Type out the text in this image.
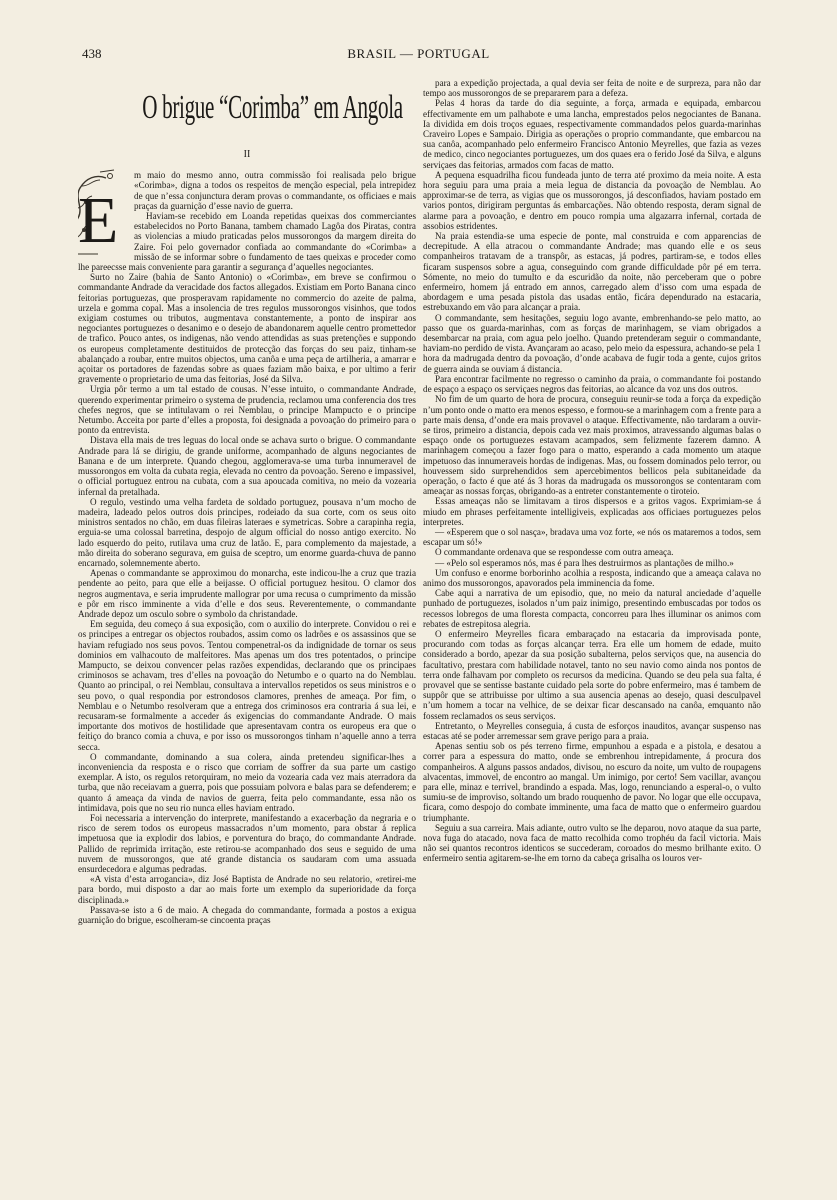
438	BRASIL — PORTUGAL
O brigue “Corimba” em Angola
II
E

m maio do mesmo anno, outra commissão foi realisada pelo brigue «Corimba», digna a todos os respeitos de menção especial, pela intrepidez de que n’essa conjunctura deram provas o commandante, os officiaes e mais praças da guarnição d’esse navio de guerra.

Haviam-se recebido em Loanda repetidas queixas dos commerciantes estabelecidos no Porto Banana, tambem chamado Lagôa dos Piratas, contra as violencias a miudo praticadas pelos mussorongos da margem direita do Zaire. Foi pelo governador confiada ao commandante do «Corimba» a missão de se informar sobre o fundamento de taes queixas e proceder como lhe pareecsse mais conveniente para garantir a segurança d’aquelles negociantes.

Surto no Zaire (bahia de Santo Antonio) o «Corimba», em breve se confirmou o commandante Andrade da veracidade dos factos allegados. Existiam em Porto Banana cinco feitorias portuguezas, que prosperavam rapidamente no commercio do azeite de palma, urzela e gomma copal. Mas a insolencia de tres regulos mussorongos visinhos, que todos exigiam costumes ou tributos, augmentava constantemente, a ponto de inspirar aos negociantes portuguezes o desanimo e o desejo de abandonarem aquelle centro promettedor de trafico. Pouco antes, os indigenas, não vendo attendidas as suas pretenções e suppondo os europeus completamente destituidos de protecção das forças do seu paiz, tinham-se abalançado a roubar, entre muitos objectos, uma canôa e uma peça de artilheria, a amarrar e açoitar os portadores de fazendas sobre as quaes faziam mão baixa, e por ultimo a ferir gravemente o proprietario de uma das feitorias, José da Silva.

Urgia pôr termo a um tal estado de cousas. N’esse intuito, o commandante Andrade, querendo experimentar primeiro o systema de prudencia, reclamou uma conferencia dos tres chefes negros, que se intitulavam o rei Nemblau, o principe Mampucto e o principe Netumbo. Acceita por parte d’elles a proposta, foi designada a povoação do primeiro para o ponto da entrevista.

Distava ella mais de tres leguas do local onde se achava surto o brigue. O commandante Andrade para lá se dirigiu, de grande uniforme, acompanhado de alguns negociantes de Banana e de um interprete. Quando chegou, agglomerava-se uma turba innumeravel de mussorongos em volta da cubata regia, elevada no centro da povoação. Sereno e impassivel, o official portuguez entrou na cubata, com a sua apoucada comitiva, no meio da vozearia infernal da pretalhada.

O regulo, vestindo uma velha fardeta de soldado portuguez, pousava n’um mocho de madeira, ladeado pelos outros dois principes, rodeiado da sua corte, com os seus oito ministros sentados no chão, em duas fileiras lateraes e symetricas. Sobre a carapinha regia, erguia-se uma colossal barretina, despojo de algum official do nosso antigo exercito. No lado esquerdo do peito, rutilava uma cruz de latão. E, para complemento da majestade, a mão direita do soberano segurava, em guisa de sceptro, um enorme guarda-chuva de panno encarnado, solemnemente aberto.

Apenas o commandante se approximou do monarcha, este indicou-lhe a cruz que trazia pendente ao peito, para que elle a beijasse. O official portuguez hesitou. O clamor dos negros augmentava, e seria imprudente mallograr por uma recusa o cumprimento da missão e pôr em risco imminente a vida d’elle e dos seus. Reverentemente, o commandante Andrade depoz um osculo sobre o symbolo da christandade.

Em seguida, deu começo á sua exposição, com o auxilio do interprete. Convidou o rei e os principes a entregar os objectos roubados, assim como os ladrões e os assassinos que se haviam refugiado nos seus povos. Tentou compenetral-os da indignidade de tornar os seus dominios em valhacouto de malfeitores. Mas apenas um dos tres potentados, o principe Mampucto, se deixou convencer pelas razões expendidas, declarando que os principaes criminosos se achavam, tres d’elles na povoação do Netumbo e o quarto na do Nemblau. Quanto ao principal, o rei Nemblau, consultava a intervallos repetidos os seus ministros e o seu povo, o qual respondia por estrondosos clamores, prenhes de ameaça. Por fim, o Nemblau e o Netumbo resolveram que a entrega dos criminosos era contraria á sua lei, e recusaram-se formalmente a acceder ás exigencias do commandante Andrade. O mais importante dos motivos de hostilidade que apresentavam contra os europeus era que o feitiço do branco comia a chuva, e por isso os mussorongos tinham n’aquelle anno a terra secca.

O commandante, dominando a sua colera, ainda pretendeu significar-lhes a inconveniencia da resposta e o risco que corriam de soffrer da sua parte um castigo exemplar. A isto, os regulos retorquiram, no meio da vozearia cada vez mais aterradora da turba, que não receiavam a guerra, pois que possuiam polvora e balas para se defenderem; e quanto á ameaça da vinda de navios de guerra, feita pelo commandante, essa não os intimidava, pois que no seu rio nunca elles haviam entrado.

Foi necessaria a intervenção do interprete, manifestando a exacerbação da negraria e o risco de serem todos os europeus massacrados n’um momento, para obstar á replica impetuosa que ia explodir dos labios, e porventura do braço, do commandante Andrade. Pallido de reprimida irritação, este retirou-se acompanhado dos seus e seguido de uma nuvem de mussorongos, que até grande distancia os saudaram com uma assuada ensurdecedora e algumas pedradas.

«A vista d’esta arrogancia», diz José Baptista de Andrade no seu relatorio, «retirei-me para bordo, mui disposto a dar ao mais forte um exemplo da superioridade da força disciplinada.»

Passava-se isto a 6 de maio. A chegada do commandante, formada a postos a exigua guarnição do brigue, escolheram-se cincoenta praças

para a expedição projectada, a qual devia ser feita de noite e de surpreza, para não dar tempo aos mussorongos de se prepararem para a defeza.

Pelas 4 horas da tarde do dia seguinte, a força, armada e equipada, embarcou effectivamente em um palhabote e uma lancha, emprestados pelos negociantes de Banana. Ia dividida em dois troços eguaes, respectivamente commandados pelos guarda-marinhas Craveiro Lopes e Sampaio. Dirigia as operações o proprio commandante, que embarcou na sua canôa, acompanhado pelo enfermeiro Francisco Antonio Meyrelles, que fazia as vezes de medico, cinco negociantes portuguezes, um dos quaes era o ferido José da Silva, e alguns serviçaes das feitorias, armados com facas de matto.

A pequena esquadrilha ficou fundeada junto de terra até proximo da meia noite. A esta hora seguiu para uma praia a meia legua de distancia da povoação de Nemblau. Ao approximar-se de terra, as vigias que os mussorongos, já desconfiados, haviam postado em varios pontos, dirigiram perguntas ás embarcações. Não obtendo resposta, deram signal de alarme para a povoação, e dentro em pouco rompia uma algazarra infernal, cortada de assobios estridentes.

Na praia estendia-se uma especie de ponte, mal construida e com apparencias de decrepitude. A ella atracou o commandante Andrade; mas quando elle e os seus companheiros tratavam de a transpôr, as estacas, já podres, partiram-se, e todos elles ficaram suspensos sobre a agua, conseguindo com grande difficuldade pôr pé em terra. Sómente, no meio do tumulto e da escuridão da noite, não perceberam que o pobre enfermeiro, homem já entrado em annos, carregado alem d’isso com uma espada de abordagem e uma pesada pistola das usadas então, ficára dependurado na estacaria, estrebuxando em vão para alcançar a praia.

O commandante, sem hesitações, seguiu logo avante, embrenhando-se pelo matto, ao passo que os guarda-marinhas, com as forças de marinhagem, se viam obrigados a desembarcar na praia, com agua pelo joelho. Quando pretenderam seguir o commandante, haviam-no perdido de vista. Avançaram ao acaso, pelo meio da espessura, achando-se pela 1 hora da madrugada dentro da povoação, d’onde acabava de fugir toda a gente, cujos gritos de guerra ainda se ouviam á distancia.

Para encontrar facilmente no regresso o caminho da praia, o commandante foi postando de espaço a espaço os serviçaes negros das feitorias, ao alcance da voz uns dos outros.

No fim de um quarto de hora de procura, conseguiu reunir-se toda a força da expedição n’um ponto onde o matto era menos espesso, e formou-se a marinhagem com a frente para a parte mais densa, d’onde era mais provavel o ataque. Effectivamente, não tardaram a ouvir-se tiros, primeiro a distancia, depois cada vez mais proximos, atravessando algumas balas o espaço onde os portuguezes estavam acampados, sem felizmente fazerem damno. A marinhagem começou a fazer fogo para o matto, esperando a cada momento um ataque impetuoso das innumeraveis hordas de indigenas. Mas, ou fossem dominados pelo terror, ou houvessem sido surprehendidos sem apercebimentos bellicos pela subitaneidade da operação, o facto é que até ás 3 horas da madrugada os mussorongos se contentaram com ameaçar as nossas forças, obrigando-as a entreter constantemente o tiroteio.

Essas ameaças não se limitavam a tiros dispersos e a gritos vagos. Exprimiam-se á miudo em phrases perfeitamente intelligiveis, explicadas aos officiaes portuguezes pelos interpretes.

— «Esperem que o sol nasça», bradava uma voz forte, «e nós os mataremos a todos, sem escapar um só!»

O commandante ordenava que se respondesse com outra ameaça.

— «Pelo sol esperamos nós, mas é para lhes destruirmos as plantações de milho.»

Um confuso e enorme borborinho acolhia a resposta, indicando que a ameaça calava no animo dos mussorongos, apavorados pela imminencia da fome.

Cabe aqui a narrativa de um episodio, que, no meio da natural anciedade d’aquelle punhado de portuguezes, isolados n’um paiz inimigo, presentindo embuscadas por todos os recessos lobregos de uma floresta compacta, concorreu para lhes illuminar os animos com rebates de estrepitosa alegria.

O enfermeiro Meyrelles ficara embaraçado na estacaria da improvisada ponte, procurando com todas as forças alcançar terra. Era elle um homem de edade, muito considerado a bordo, apezar da sua posição subalterna, pelos serviços que, na ausencia do facultativo, prestara com habilidade notavel, tanto no seu navio como ainda nos pontos de terra onde falhavam por completo os recursos da medicina. Quando se deu pela sua falta, é provavel que se sentisse bastante cuidado pela sorte do pobre enfermeiro, mas é tambem de suppôr que se attribuisse por ultimo a sua ausencia apenas ao desejo, quasi desculpavel n’um homem a tocar na velhice, de se deixar ficar descansado na canôa, emquanto não fossem reclamados os seus serviços.

Entretanto, o Meyrelles conseguia, á custa de esforços inauditos, avançar suspenso nas estacas até se poder arremessar sem grave perigo para a praia.

Apenas sentiu sob os pés terreno firme, empunhou a espada e a pistola, e desatou a correr para a espessura do matto, onde se embrenhou intrepidamente, á procura dos companheiros. A alguns passos andados, divisou, no escuro da noite, um vulto de roupagens alvacentas, immovel, de encontro ao mangal. Um inimigo, por certo! Sem vacillar, avançou para elle, minaz e terrivel, brandindo a espada. Mas, logo, renunciando a esperal-o, o vulto sumiu-se de improviso, soltando um brado rouquenho de pavor. No logar que elle occupava, ficara, como despojo do combate imminente, uma faca de matto que o enfermeiro guardou triumphante.

Seguiu a sua carreira. Mais adiante, outro vulto se lhe deparou, novo ataque da sua parte, nova fuga do atacado, nova faca de matto recolhida como trophéu da facil victoria. Mais não sei quantos recontros identicos se succederam, coroados do mesmo brilhante exito. O enfermeiro sentia agitarem-se-lhe em torno da cabeça grisalha os louros ver-
